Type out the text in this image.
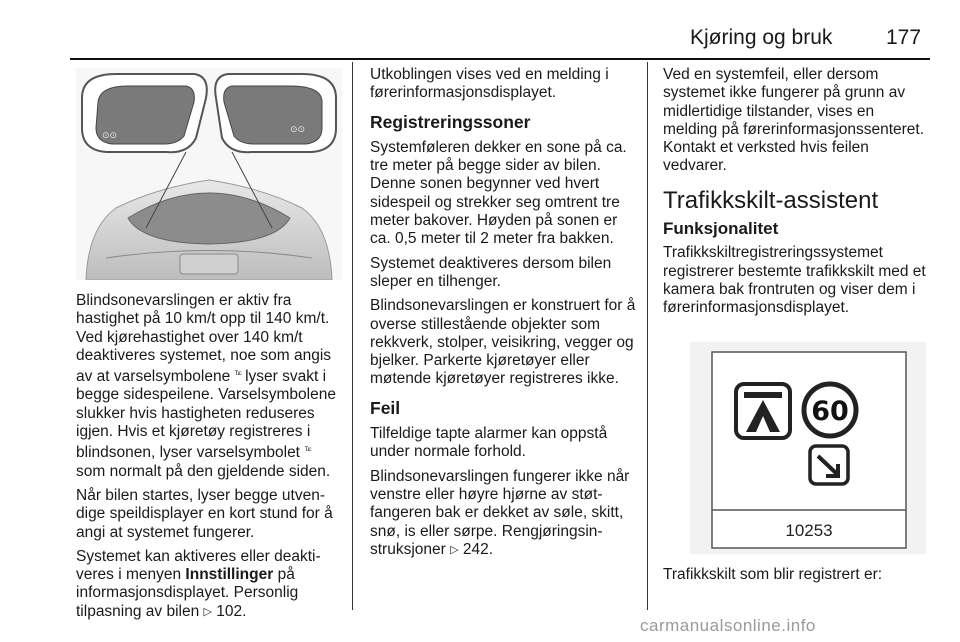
Kjøring og bruk	177
⊙⊙
⊙⊙

Blindsonevarslingen er aktiv fra hastighet på 10 km/t opp til 140 km/t. Ved kjørehastighet over 140 km/t deaktiveres systemet, noe som angis av at varselsymbolene $^{ᵀʴᶜ}$ lyser svakt i begge sidespeilene. Varselsymbolene slukker hvis hastigheten reduseres igjen. Hvis et kjøretøy registreres i blindsonen, lyser varselsymbolet $^{ᵀʴᶜ}$ som normalt på den gjeldende siden.

Når bilen startes, lyser begge utvendige speildisplayer en kort stund for å angi at systemet fungerer.

Systemet kan aktiveres eller deaktiveres i menyen Innstillinger på informasjonsdisplayet. Personlig tilpasning av bilen ▷ 102.

Utkoblingen vises ved en melding i førerinformasjonsdisplayet.

Registreringssoner

Systemføleren dekker en sone på ca. tre meter på begge sider av bilen. Denne sonen begynner ved hvert sidespeil og strekker seg omtrent tre meter bakover. Høyden på sonen er ca. 0,5 meter til 2 meter fra bakken.

Systemet deaktiveres dersom bilen sleper en tilhenger.

Blindsonevarslingen er konstruert for å overse stillestående objekter som rekkverk, stolper, veisikring, vegger og bjelker. Parkerte kjøretøyer eller møtende kjøretøyer registreres ikke.

Feil

Tilfeldige tapte alarmer kan oppstå under normale forhold.

Blindsonevarslingen fungerer ikke når venstre eller høyre hjørne av støtfangeren bak er dekket av søle, skitt, snø, is eller sørpe. Rengjøringsinstruksjoner ▷ 242.

Ved en systemfeil, eller dersom systemet ikke fungerer på grunn av midlertidige tilstander, vises en melding på førerinformasjonssenteret. Kontakt et verksted hvis feilen vedvarer.

Trafikkskilt-assistent
Funksjonalitet

Trafikkskiltregistreringssystemet registrerer bestemte trafikkskilt med et kamera bak frontruten og viser dem i førerinformasjonsdisplayet.

60
10253

Trafikkskilt som blir registrert er:

carmanualsonline.info
